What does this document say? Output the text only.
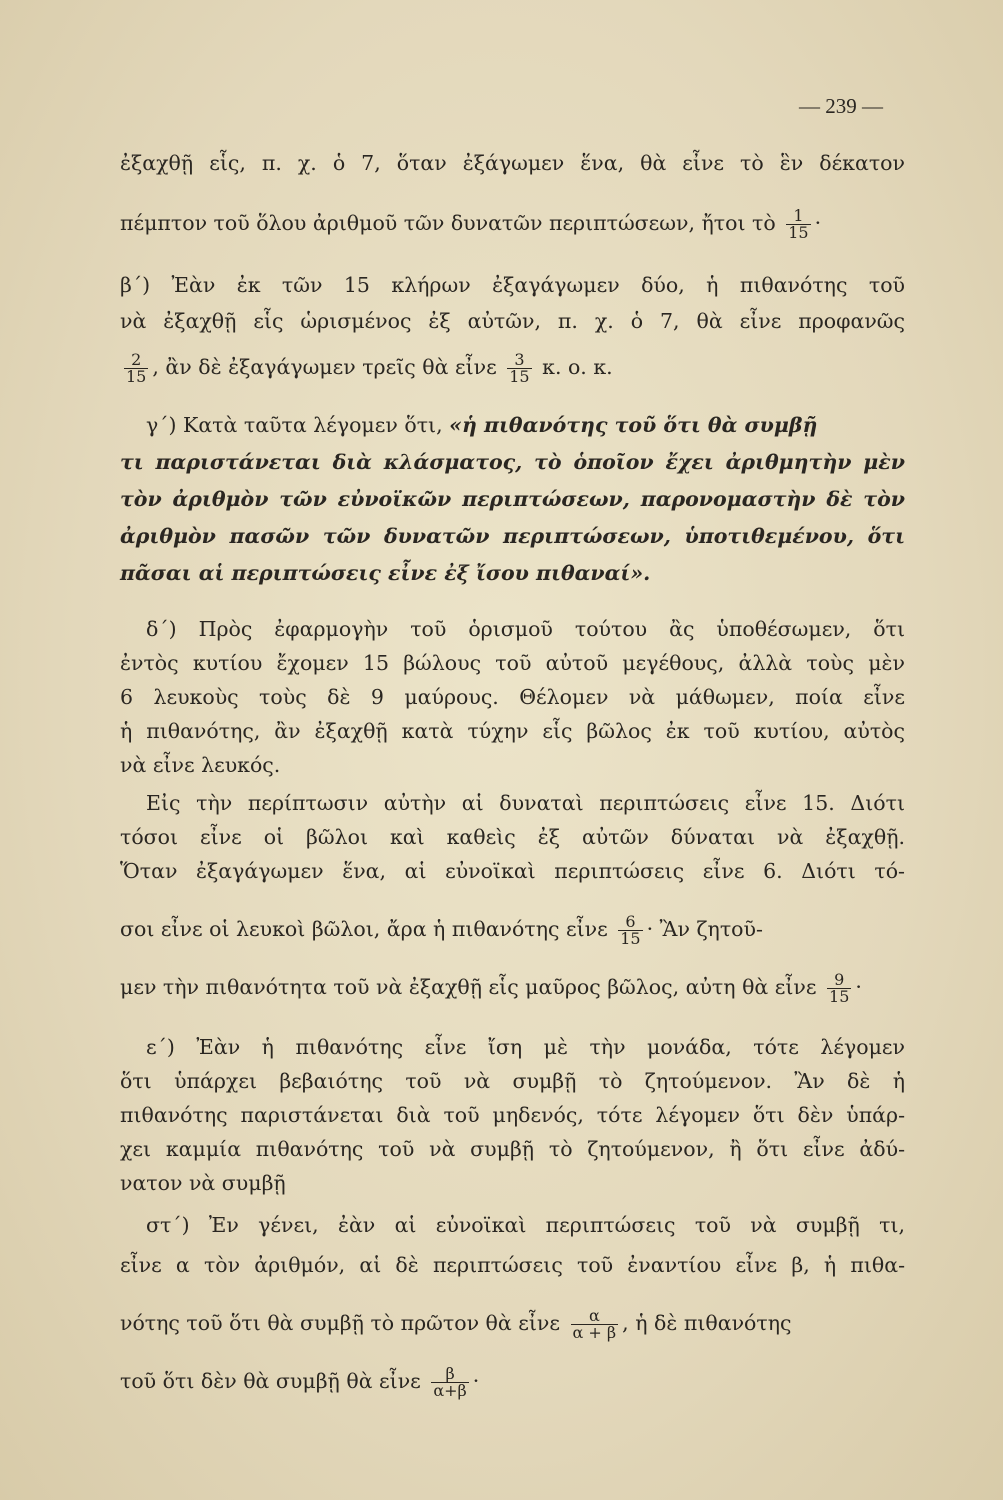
— 239 —
ἐξαχθῇ εἷς, π. χ. ὁ 7, ὅταν ἐξάγωμεν ἕνα, θὰ εἶνε τὸ ἓν δέκατον
πέμπτον τοῦ ὅλου ἀριθμοῦ τῶν δυνατῶν περιπτώσεων, ἤτοι τὸ $\frac{1}{15}$ ·
β΄) Ἐὰν ἐκ τῶν 15 κλήρων ἐξαγάγωμεν δύο, ἡ πιθανότης τοῦ
νὰ ἐξαχθῇ εἷς ὡρισμένος ἐξ αὐτῶν, π. χ. ὁ 7, θὰ εἶνε προφανῶς
$\frac{2}{15}$ , ἂν δὲ ἐξαγάγωμεν τρεῖς θὰ εἶνε $\frac{3}{15} \kappa$. ο. κ.
γ΄) Κατὰ ταῦτα λέγομεν ὅτι, «ἡ πιθανότης τοῦ ὅτι θὰ συμβῇ
τι παριστάνεται διὰ κλάσματος, τὸ ὁποῖον ἔχει ἀριθμητὴν μὲν
τὸν ἀριθμὸν τῶν εὐνοϊκῶν περιπτώσεων, παρονομαστὴν δὲ τὸν
ἀριθμὸν πασῶν τῶν δυνατῶν περιπτώσεων, ὑποτιθεμένου, ὅτι
πᾶσαι αἱ περιπτώσεις εἶνε ἐξ ἴσου πιθαναί».
δ΄) Πρὸς ἐφαρμογὴν τοῦ ὁρισμοῦ τούτου ἂς ὑποθέσωμεν, ὅτι
ἐντὸς κυτίου ἔχομεν 15 βώλους τοῦ αὐτοῦ μεγέθους, ἀλλὰ τοὺς μὲν
6 λευκοὺς τοὺς δὲ 9 μαύρους. Θέλομεν νὰ μάθωμεν, ποία εἶνε
ἡ πιθανότης, ἂν ἐξαχθῇ κατὰ τύχην εἷς βῶλος ἐκ τοῦ κυτίου, αὐτὸς
νὰ εἶνε λευκός.
Εἰς τὴν περίπτωσιν αὐτὴν αἱ δυναταὶ περιπτώσεις εἶνε 15. Διότι
τόσοι εἶνε οἱ βῶλοι καὶ καθεὶς ἐξ αὐτῶν δύναται νὰ ἐξαχθῇ.
Ὅταν ἐξαγάγωμεν ἕνα, αἱ εὐνοϊκαὶ περιπτώσεις εἶνε 6. Διότι τό-
σοι εἶνε οἱ λευκοὶ βῶλοι, ἄρα ἡ πιθανότης εἶνε $\frac{6}{15}$ · Ἂν ζητοῦ-
μεν τὴν πιθανότητα τοῦ νὰ ἐξαχθῇ εἷς μαῦρος βῶλος, αὐτη θὰ εἶνε $\frac{9}{15}$ ·
ε΄) Ἐὰν ἡ πιθανότης εἶνε ἴση μὲ τὴν μονάδα, τότε λέγομεν
ὅτι ὑπάρχει βεβαιότης τοῦ νὰ συμβῇ τὸ ζητούμενον. Ἂν δὲ ἡ
πιθανότης παριστάνεται διὰ τοῦ μηδενός, τότε λέγομεν ὅτι δὲν ὑπάρ-
χει καμμία πιθανότης τοῦ νὰ συμβῇ τὸ ζητούμενον, ἢ ὅτι εἶνε ἀδύ-
νατον νὰ συμβῇ
στ΄) Ἐν γένει, ἐὰν αἱ εὐνοϊκαὶ περιπτώσεις τοῦ νὰ συμβῇ τι,
εἶνε α τὸν ἀριθμόν, αἱ δὲ περιπτώσεις τοῦ ἐναντίου εἶνε β, ἡ πιθα-
νότης τοῦ ὅτι θὰ συμβῇ τὸ πρῶτον θὰ εἶνε $\frac{\alpha}{\alpha + \beta}$ , ἡ δὲ πιθανότης
τοῦ ὅτι δὲν θὰ συμβῇ θὰ εἶνε $\frac{\beta}{\alpha+\beta}$ ·
